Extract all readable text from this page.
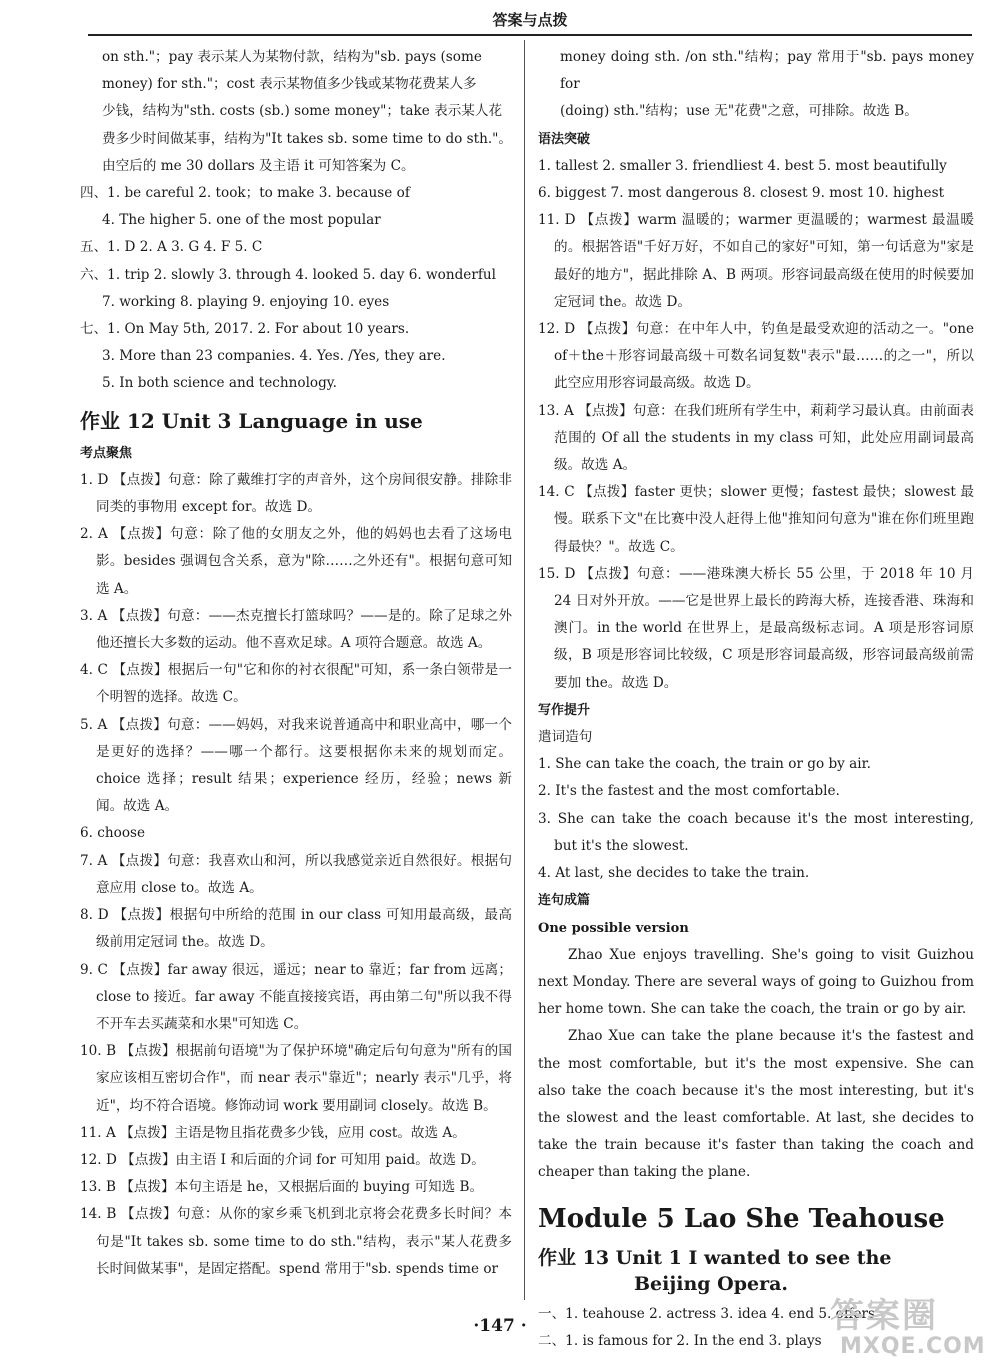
答案与点拨

on sth."；pay 表示某人为某物付款，结构为"sb. pays (some

money) for sth."；cost 表示某物值多少钱或某物花费某人多

少钱，结构为"sth. costs (sb.) some money"；take 表示某人花

费多少时间做某事，结构为"It takes sb. some time to do sth."。

由空后的 me 30 dollars 及主语 it 可知答案为 C。

四、1. be careful 2. took；to make 3. because of

4. The higher 5. one of the most popular

五、1. D 2. A 3. G 4. F 5. C

六、1. trip 2. slowly 3. through 4. looked 5. day 6. wonderful

7. working 8. playing 9. enjoying 10. eyes

七、1. On May 5th, 2017. 2. For about 10 years.

3. More than 23 companies. 4. Yes. /Yes, they are.

5. In both science and technology.

作业 12 Unit 3 Language in use

考点聚焦

1. D 【点拨】句意：除了戴维打字的声音外，这个房间很安静。排除非同类的事物用 except for。故选 D。

2. A 【点拨】句意：除了他的女朋友之外，他的妈妈也去看了这场电影。besides 强调包含关系，意为"除……之外还有"。根据句意可知选 A。

3. A 【点拨】句意：——杰克擅长打篮球吗？——是的。除了足球之外他还擅长大多数的运动。他不喜欢足球。A 项符合题意。故选 A。

4. C 【点拨】根据后一句"它和你的衬衣很配"可知，系一条白领带是一个明智的选择。故选 C。

5. A 【点拨】句意：——妈妈，对我来说普通高中和职业高中，哪一个是更好的选择？——哪一个都行。这要根据你未来的规划而定。choice 选择；result 结果；experience 经历，经验；news 新闻。故选 A。

6. choose

7. A 【点拨】句意：我喜欢山和河，所以我感觉亲近自然很好。根据句意应用 close to。故选 A。

8. D 【点拨】根据句中所给的范围 in our class 可知用最高级，最高级前用定冠词 the。故选 D。

9. C 【点拨】far away 很远，遥远；near to 靠近；far from 远离；close to 接近。far away 不能直接接宾语，再由第二句"所以我不得不开车去买蔬菜和水果"可知选 C。

10. B 【点拨】根据前句语境"为了保护环境"确定后句句意为"所有的国家应该相互密切合作"，而 near 表示"靠近"；nearly 表示"几乎，将近"，均不符合语境。修饰动词 work 要用副词 closely。故选 B。

11. A 【点拨】主语是物且指花费多少钱，应用 cost。故选 A。

12. D 【点拨】由主语 I 和后面的介词 for 可知用 paid。故选 D。

13. B 【点拨】本句主语是 he，又根据后面的 buying 可知选 B。

14. B 【点拨】句意：从你的家乡乘飞机到北京将会花费多长时间？本句是"It takes sb. some time to do sth."结构，表示"某人花费多长时间做某事"，是固定搭配。spend 常用于"sb. spends time or

money doing sth. /on sth."结构；pay 常用于"sb. pays money for

(doing) sth."结构；use 无"花费"之意，可排除。故选 B。

语法突破

1. tallest 2. smaller 3. friendliest 4. best 5. most beautifully

6. biggest 7. most dangerous 8. closest 9. most 10. highest

11. D 【点拨】warm 温暖的；warmer 更温暖的；warmest 最温暖的。根据答语"千好万好，不如自己的家好"可知，第一句话意为"家是最好的地方"，据此排除 A、B 两项。形容词最高级在使用的时候要加定冠词 the。故选 D。

12. D 【点拨】句意：在中年人中，钓鱼是最受欢迎的活动之一。"one of＋the＋形容词最高级＋可数名词复数"表示"最……的之一"，所以此空应用形容词最高级。故选 D。

13. A 【点拨】句意：在我们班所有学生中，莉莉学习最认真。由前面表范围的 Of all the students in my class 可知，此处应用副词最高级。故选 A。

14. C 【点拨】faster 更快；slower 更慢；fastest 最快；slowest 最慢。联系下文"在比赛中没人赶得上他"推知问句意为"谁在你们班里跑得最快？"。故选 C。

15. D 【点拨】句意：——港珠澳大桥长 55 公里，于 2018 年 10 月 24 日对外开放。——它是世界上最长的跨海大桥，连接香港、珠海和澳门。in the world 在世界上，是最高级标志词。A 项是形容词原级，B 项是形容词比较级，C 项是形容词最高级，形容词最高级前需要加 the。故选 D。

写作提升

遣词造句

1. She can take the coach, the train or go by air.

2. It's the fastest and the most comfortable.

3. She can take the coach because it's the most interesting, but it's the slowest.

4. At last, she decides to take the train.

连句成篇

One possible version

Zhao Xue enjoys travelling. She's going to visit Guizhou next Monday. There are several ways of going to Guizhou from her home town. She can take the coach, the train or go by air.

Zhao Xue can take the plane because it's the fastest and the most comfortable, but it's the most expensive. She can also take the coach because it's the most interesting, but it's the slowest and the least comfortable. At last, she decides to take the train because it's faster than taking the coach and cheaper than taking the plane.

Module 5 Lao She Teahouse

作业 13 Unit 1 I wanted to see the
Beijing Opera.

一、1. teahouse 2. actress 3. idea 4. end 5. offers

二、1. is famous for 2. In the end 3. plays

·147 ·	答案圈
MXQE.COM
